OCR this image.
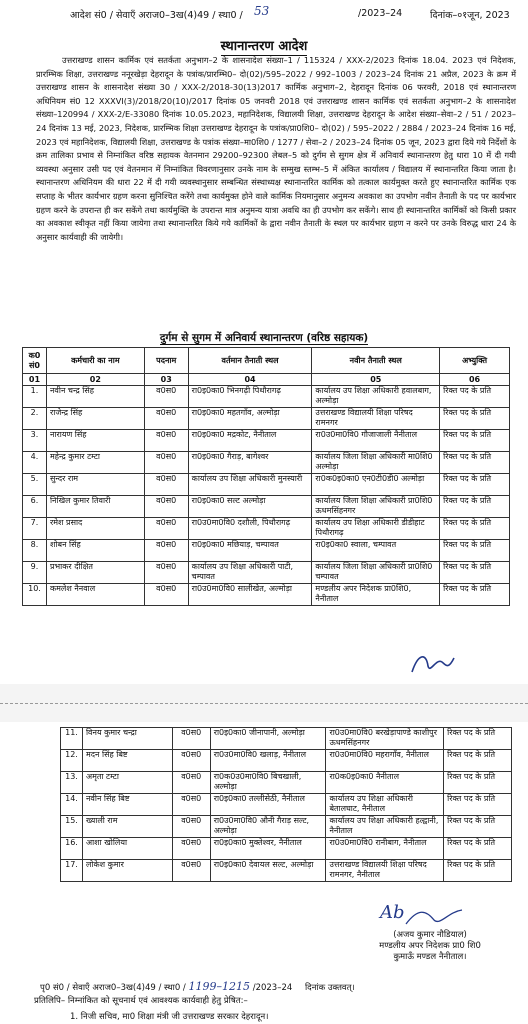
आदेश सं0 / सेवाएँ अराज0–3ख(4)49 / स्था0 / 53	/2023–24	दिनांक–०१जून, 2023
स्थानान्तरण आदेश

उत्तराखण्ड शासन कार्मिक एवं सतर्कता अनुभाग–2 के शासनादेश संख्या–1 / 115324 / XXX-2/2023 दिनांक 18.04. 2023 एवं निदेशक, प्रारम्भिक शिक्षा, उत्तराखण्ड ननूरखेड़ा देहरादून के पत्रांक/प्रारम्भि0– दो(02)/595–2022 / 992–1003 / 2023–24 दिनांक 21 अप्रैल, 2023 के क्रम में उत्तराखण्ड शासन के शासनादेश संख्या 30 / XXX-2/2018-30(13)2017 कार्मिक अनुभाग–2, देहरादून दिनांक 06 फरवरी, 2018 एवं स्थानान्तरण अधिनियम सं0 12 XXXVI(3)/2018/20(10)/2017 दिनांक 05 जनवरी 2018 एवं उत्तराखण्ड शासन कार्मिक एवं सतर्कता अनुभाग–2 के शासनादेश संख्या–120994 / XXX-2/E-33080 दिनांक 10.05.2023, महानिदेशक, विद्यालयी शिक्षा, उत्तराखण्ड देहरादून के आदेश संख्या–सेवा–2 / 51 / 2023–24 दिनांक 13 मई, 2023, निदेशक, प्रारम्भिक शिक्षा उत्तराखण्ड देहरादून के पत्रांक/प्रा0शि0– दो(02) / 595–2022 / 2884 / 2023–24 दिनांक 16 मई, 2023 एवं महानिदेशक, विद्यालयी शिक्षा, उत्तराखण्ड के पत्रांक संख्या–मा0शि0 / 1277 / सेवा–2 / 2023–24 दिनांक 05 जून, 2023 द्वारा दिये गये निर्देशों के क्रम तालिका प्रभाव से निम्नांकित वरिष्ठ सहायक वेतनमान 29200–92300 लेबल–5 को दुर्गम से सुगम क्षेत्र में अनिवार्य स्थानान्तरण हेतु धारा 10 में दी गयी व्यवस्था अनुसार उसी पद एवं वेतनमान में निम्नांकित विवरणानुसार उनके नाम के सम्मुख स्तम्भ–5 में अंकित कार्यालय / विद्यालय में स्थानान्तरित किया जाता है। स्थानान्तरण अधिनियम की धारा 22 में दी गयी व्यवस्थानुसार सम्बन्धित संस्थाध्यक्ष स्थानान्तरित कार्मिक को तत्काल कार्यमुक्त करते हुए स्थानान्तरित कार्मिक एक सप्ताह के भीतर कार्यभार ग्रहण करना सुनिश्चित करेंगे तथा कार्यमुक्त होने वाले कार्मिक नियमानुसार अनुमन्य अवकाश का उपभोग नवीन तैनाती के पद पर कार्यभार ग्रहण करने के उपरान्त ही कर सकेंगे तथा कार्यमुक्ति के उपरान्त मात्र अनुमन्य यात्रा अवधि का ही उपभोग कर सकेंगे। साथ ही स्थानान्तरित कार्मिकों को किसी प्रकार का अवकाश स्वीकृत नहीं किया जायेगा तथा स्थानान्तरित किये गये कार्मिकों के द्वारा नवीन तैनाती के स्थल पर कार्यभार ग्रहण न करने पर उनके विरुद्ध धारा 24 के अनुसार कार्यवाही की जायेगी।

दुर्गम से सुगम में अनिवार्य स्थानान्तरण (वरिष्ठ सहायक)
क0 सं0	कर्मचारी का नाम	पदनाम	वर्तमान तैनाती स्थल	नवीन तैनाती स्थल	अभ्युक्ति
01	02	03	04	05	06
1.	नवीन चन्द्र सिंह	व0स0	रा0इ0का0 भिनगढ़ी पिथौरागढ़	कार्यालय उप शिक्षा अधिकारी हवालबाग, अल्मोड़ा	रिक्त पद के प्रति
2.	राजेन्द्र सिंह	व0स0	रा0इ0का0 महतगाँव, अल्मोड़ा	उत्तराखण्ड विद्यालयी शिक्षा परिषद रामनगर	रिक्त पद के प्रति
3.	नारायण सिंह	व0स0	रा0इ0का0 मद्रकोट, नैनीताल	रा0उ0मा0वि0 गौजाजाली नैनीताल	रिक्त पद के प्रति
4.	महेन्द्र कुमार टम्टा	व0स0	रा0इ0का0 गैराड़, बागेश्वर	कार्यालय जिला शिक्षा अधिकारी मा0शि0 अल्मोड़ा	रिक्त पद के प्रति
5.	सुन्दर राम	व0स0	कार्यालय उप शिक्षा अधिकारी मुनस्यारी	रा0क0इ0का0 एन0टी0डी0 अल्मोड़ा	रिक्त पद के प्रति
6.	निखिल कुमार तिवारी	व0स0	रा0इ0का0 सल्ट अल्मोड़ा	कार्यालय जिला शिक्षा अधिकारी प्रा0शि0 ऊधमसिंहनगर	रिक्त पद के प्रति
7.	रमेश प्रसाद	व0स0	रा0उ0मा0वि0 दशौली, पिथौरागढ़	कार्यालय उप शिक्षा अधिकारी डीडीहाट पिथौरागढ़	रिक्त पद के प्रति
8.	शोबन सिंह	व0स0	रा0इ0का0 मछियाड़, चम्पावत	रा0इ0का0 स्वाला, चम्पावत	रिक्त पद के प्रति
9.	प्रभाकर दीक्षित	व0स0	कार्यालय उप शिक्षा अधिकारी पाटी, चम्पावत	कार्यालय जिला शिक्षा अधिकारी प्रा0शि0 चम्पावत	रिक्त पद के प्रति
10.	कमलेश नैनवाल	व0स0	रा0उ0मा0वि0 सालीखेत, अल्मोड़ा	मण्डलीय अपर निदेशक प्रा0शि0, नैनीताल	रिक्त पद के प्रति
11.	विनय कुमार चन्द्रा	व0स0	रा0इ0का0 जीनापानी, अल्मोड़ा	रा0उ0मा0वि0 बरखेड़ापाण्डे काशीपुर ऊधमसिंहनगर	रिक्त पद के प्रति
12.	मदन सिंह बिष्ट	व0स0	रा0उ0मा0वि0 खलाड़, नैनीताल	रा0उ0मा0वि0 महरागाँव, नैनीताल	रिक्त पद के प्रति
13.	अमृता टम्टा	व0स0	रा0क0उ0मा0वि0 बिचखाली, अल्मोड़ा	रा0क0इ0का0 नैनीताल	रिक्त पद के प्रति
14.	नवीन सिंह बिष्ट	व0स0	रा0इ0का0 तल्लीसेठी, नैनीताल	कार्यालय उप शिक्षा अधिकारी बेतालघाट, नैनीताल	रिक्त पद के प्रति
15.	ख्याली राम	व0स0	रा0उ0मा0वि0 औनी गैराड़ सल्ट, अल्मोड़ा	कार्यालय उप शिक्षा अधिकारी हल्द्वानी, नैनीताल	रिक्त पद के प्रति
16.	आशा खोलिया	व0स0	रा0इ0का0 मुक्तेश्वर, नैनीताल	रा0उ0मा0वि0 रानीबाग, नैनीताल	रिक्त पद के प्रति
17.	लोकेश कुमार	व0स0	रा0इ0का0 देवायल सल्ट, अल्मोड़ा	उत्तराखण्ड विद्यालयी शिक्षा परिषद रामनगर, नैनीताल	रिक्त पद के प्रति
Ab
(अजय कुमार नौडियाल)
मण्डलीय अपर निदेशक प्रा0 शि0
कुमाऊँ मण्डल नैनीताल।
पृ0 सं0 / सेवाएँ अराज0–3ख(4)49 / स्था0 / 1199–1215 /2023–24 दिनांक उक्तवत्।
प्रतिलिपि– निम्नांकित को सूचनार्थ एवं आवश्यक कार्यवाही हेतु प्रेषित:–
1. निजी सचिव, मा0 शिक्षा मंत्री जी उत्तराखण्ड सरकार देहरादून।
